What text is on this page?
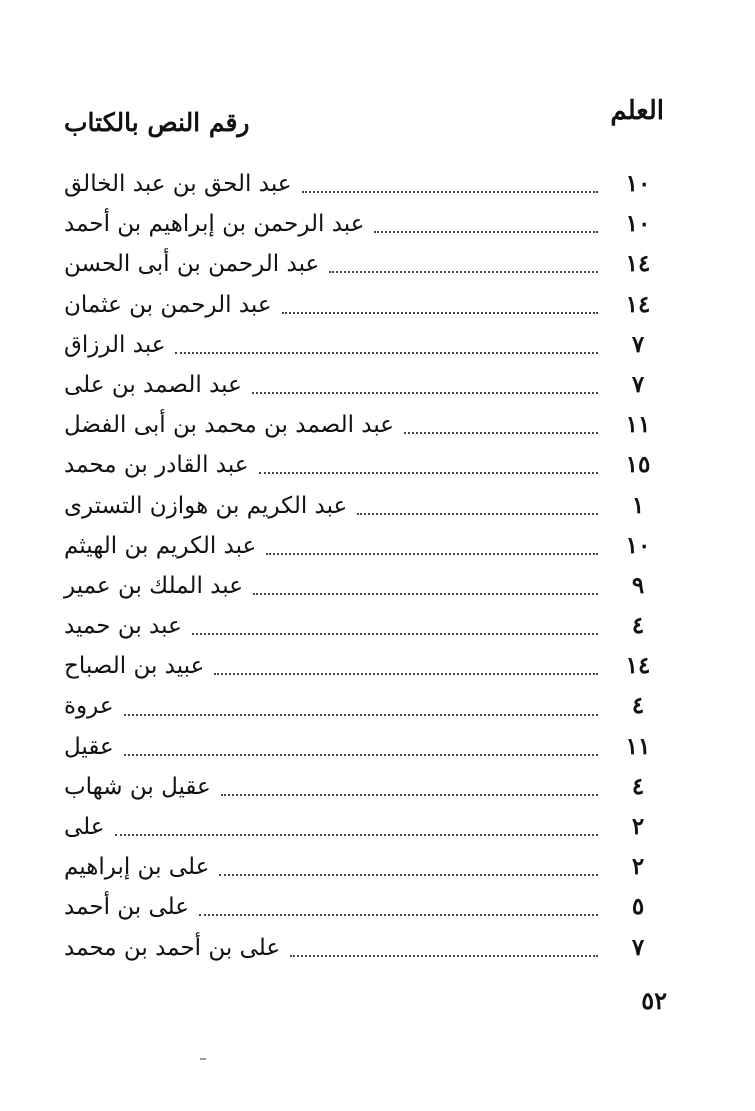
العلم
رقم النص بالكتاب
عبد الحق بن عبد الخالق	١٠
عبد الرحمن بن إبراهيم بن أحمد	١٠
عبد الرحمن بن أبى الحسن	١٤
عبد الرحمن بن عثمان	١٤
عبد الرزاق	٧
عبد الصمد بن على	٧
عبد الصمد بن محمد بن أبى الفضل	١١
عبد القادر بن محمد	١٥
عبد الكريم بن هوازن التسترى	١
عبد الكريم بن الهيثم	١٠
عبد الملك بن عمير	٩
عبد بن حميد	٤
عبيد بن الصباح	١٤
عروة	٤
عقيل	١١
عقيل بن شهاب	٤
على	٢
على بن إبراهيم	٢
على بن أحمد	٥
على بن أحمد بن محمد	٧
٥٢
